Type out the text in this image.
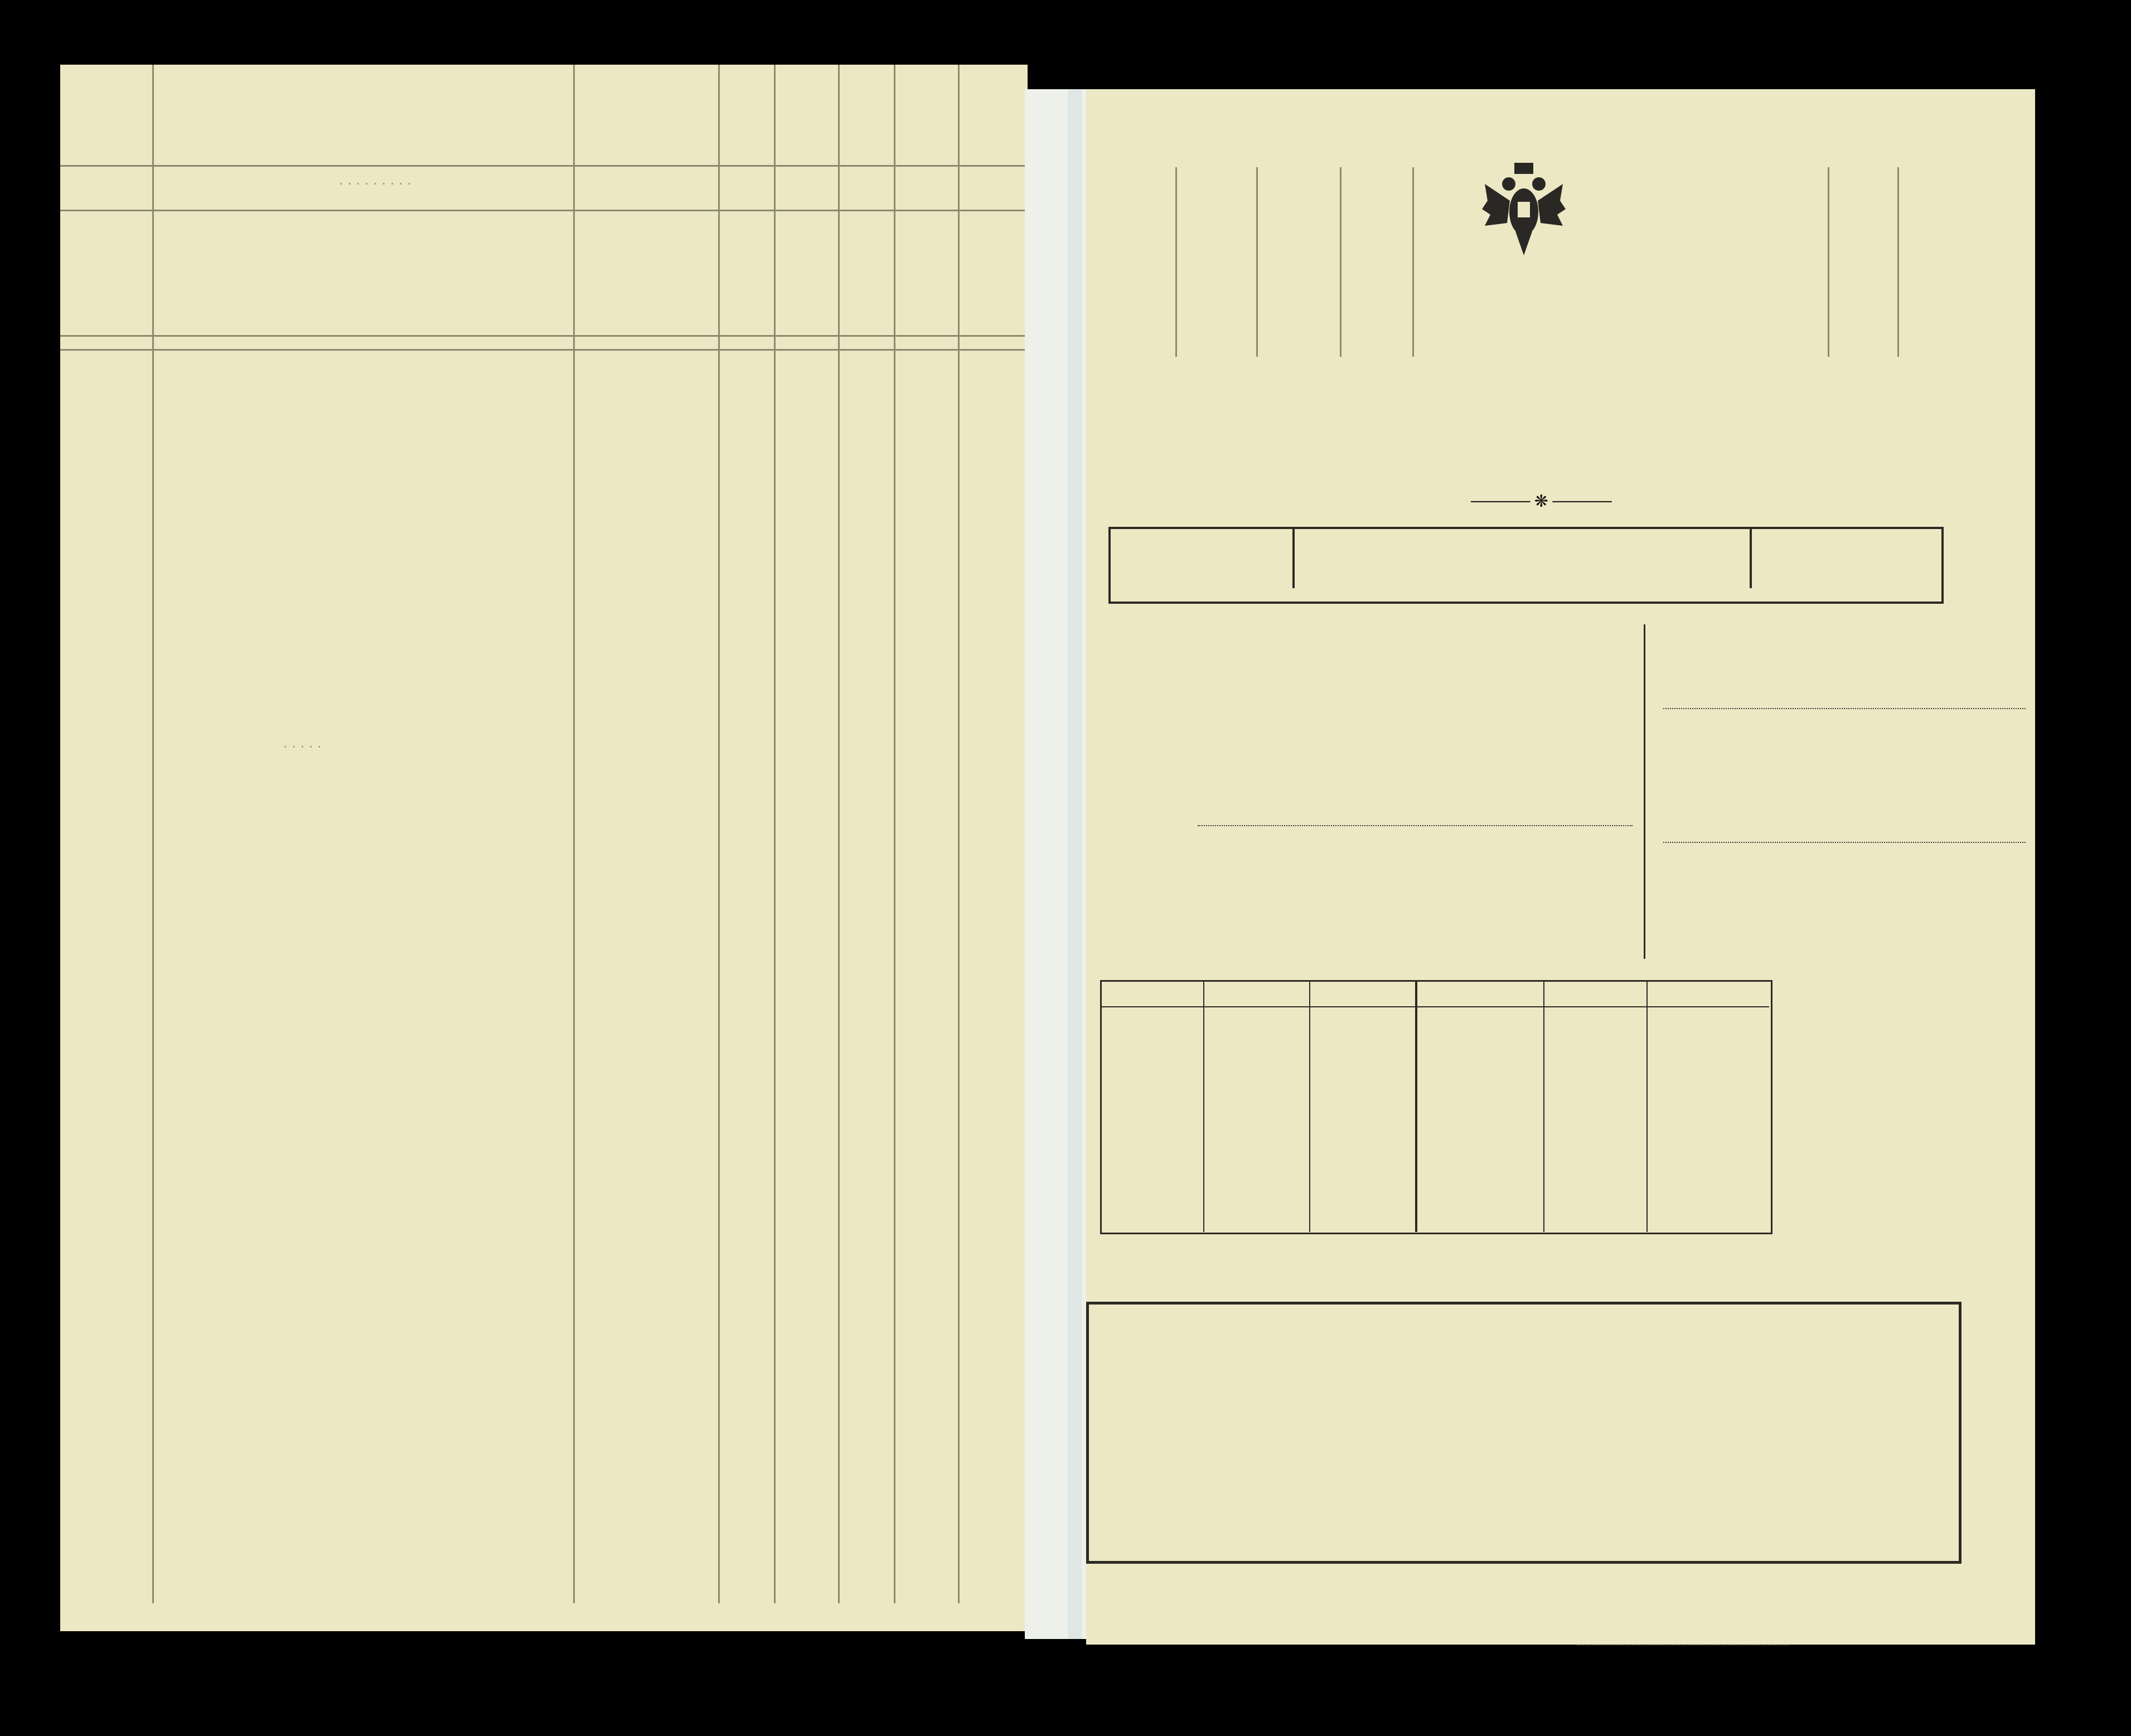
· · · · · · · · ·
· · · · ·
───── ❋ ─────
